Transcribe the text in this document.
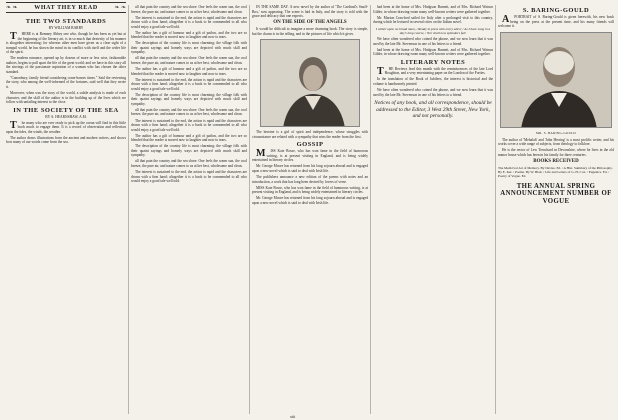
❧ ❧	WHAT THEY READ	❧ ❧
THE TWO STANDARDS
BY WILLIAM BARRY

THERE is at Romney Abbey one who, though he has been as yet but at the beginning of the literary art, is in so much that dexterity of his manner is altogether interesting; for whereas other men have given us a clear sight of a tranquil world, he has shown the mind in its conflict with itself and the wider life of the spirit.

The modern romance, opened up by dozens of more or less wise, fashionable authors, begins to pull apart the life of the great world; and we have in this story all the stirrings of the passionate aspiration of a woman who has chosen the other standard.

"Canonbury, family friend considering come-homes times." Said the reviewing the story, who among the well-informed of the fortunes, said well that they wrote it.

Moreover, when was the story of the world, a subtle analysis is made of each character, and the skill of the author is in the building up of the lives which we follow with unfailing interest to the close.

IN THE SOCIETY OF THE SEA
BY A. HEARNSHAW, A.M.

The many who are ever ready to pick up the ocean will find in this little book much to engage them. It is a record of observation and reflection upon the tides, the winds, the weather.

The author draws illustrations from the ancient and modern writers, and shows how many of our words come from the sea.

all that pain the country and the sea shore. One feels the warm sun, the cool breeze, the pure air, and nature comes to us at her best, wholesome and clean.

The interest is sustained to the end, the action is rapid and the characters are drawn with a firm hand; altogether it is a book to be commended to all who would enjoy a good tale well told.

The author has a gift of humour and a gift of pathos, and the two are so blended that the reader is moved now to laughter and now to tears.

The description of the country life is most charming; the village folk with their quaint sayings and homely ways are depicted with much skill and sympathy.

all that pain the country and the sea shore. One feels the warm sun, the cool breeze, the pure air, and nature comes to us at her best, wholesome and clean.

The author has a gift of humour and a gift of pathos, and the two are so blended that the reader is moved now to laughter and now to tears.

The interest is sustained to the end, the action is rapid and the characters are drawn with a firm hand; altogether it is a book to be commended to all who would enjoy a good tale well told.

The description of the country life is most charming; the village folk with their quaint sayings and homely ways are depicted with much skill and sympathy.

all that pain the country and the sea shore. One feels the warm sun, the cool breeze, the pure air, and nature comes to us at her best, wholesome and clean.

The interest is sustained to the end, the action is rapid and the characters are drawn with a firm hand; altogether it is a book to be commended to all who would enjoy a good tale well told.

The author has a gift of humour and a gift of pathos, and the two are so blended that the reader is moved now to laughter and now to tears.

The description of the country life is most charming; the village folk with their quaint sayings and homely ways are depicted with much skill and sympathy.

all that pain the country and the sea shore. One feels the warm sun, the cool breeze, the pure air, and nature comes to us at her best, wholesome and clean.

The interest is sustained to the end, the action is rapid and the characters are drawn with a firm hand; altogether it is a book to be commended to all who would enjoy a good tale well told.

IN THE SAME DAY. A new novel by the author of 'The Cardinal's Snuff-Box,' now appearing. The scene is laid in Italy, and the story is told with the grace and delicacy that one expects.

ON THE SIDE OF THE ANGELS

It would be difficult to imagine a more charming book. The story is simple, but the charm is in the telling, and in the pictures of life which it gives.

The heroine is a girl of spirit and independence, whose struggles with circumstance are related with a sympathy that wins the reader from the first.

GOSSIP

MISS Kate Bosse, who has won fame in the field of humorous writing, is at present visiting in England, and is being widely entertained in literary circles.

Mr. George Moore has returned from his long sojourn abroad and is engaged upon a new novel which is said to deal with Irish life.

The publishers announce a new edition of the poems with notes and an introduction, a work that has long been desired by lovers of verse.

MISS Kate Bosse, who has won fame in the field of humorous writing, is at present visiting in England, and is being widely entertained in literary circles.

Mr. George Moore has returned from his long sojourn abroad and is engaged upon a new novel which is said to deal with Irish life.

had been at the home of Mrs. Hodgson Burnett, and of Mrs. Richard Watson Gilder, in whose drawing-room many well-known writers were gathered together.

Mr. Marion Crawford sailed for Italy after a prolonged visit to this country, during which he lectured in several cities on the Italian novel.

I wither upon no broad mass, / Ready to press with every alien; / As I have sung in a day's long course, / Nor shall new splendors fall.

We have often wondered who coined the phrase, and we now learn that it was used by the late Mr. Stevenson in one of his letters to a friend.

had been at the home of Mrs. Hodgson Burnett, and of Mrs. Richard Watson Gilder, in whose drawing-room many well-known writers were gathered together.

LITERARY NOTES

THE Reviews lead this month with the reminiscences of the late Lord Houghton, and a very entertaining paper on the London of the Forties.

In the translation of the Book of Jubilees, the interest is historical and the volume is handsomely printed.

We have often wondered who coined the phrase, and we now learn that it was used by the late Mr. Stevenson in one of his letters to a friend.

Notices of any book, and all correspondence, should be addressed to the Editor, 3 West 29th Street, New York, and not personally.
S. BARING-GOULD

APORTRAIT of S. Baring-Gould is given herewith, his new book being on the press at the present time, and his many friends will welcome it.

MR. S. BARING-GOULD

The author of 'Mehalah' and 'John Herring' is a most prolific writer, and his works cover a wide range of subjects, from theology to folklore.

He is the rector of Lew Trenchard in Devonshire, where he lives in the old manor house which has been in his family for three centuries.

BOOKS RECEIVED
The Mediæval Art of Memory. By Davies. Ed. / A Hist. Summary of the Philosophy. By E. Ker. / Poems. By W. Blair. / Life and Letters of G. H. Cox. / Eugenics. Ed. / Poetry of Vogue. Ed.
THE ANNUAL SPRING ANNOUNCEMENT NUMBER OF VOGUE
xiii
